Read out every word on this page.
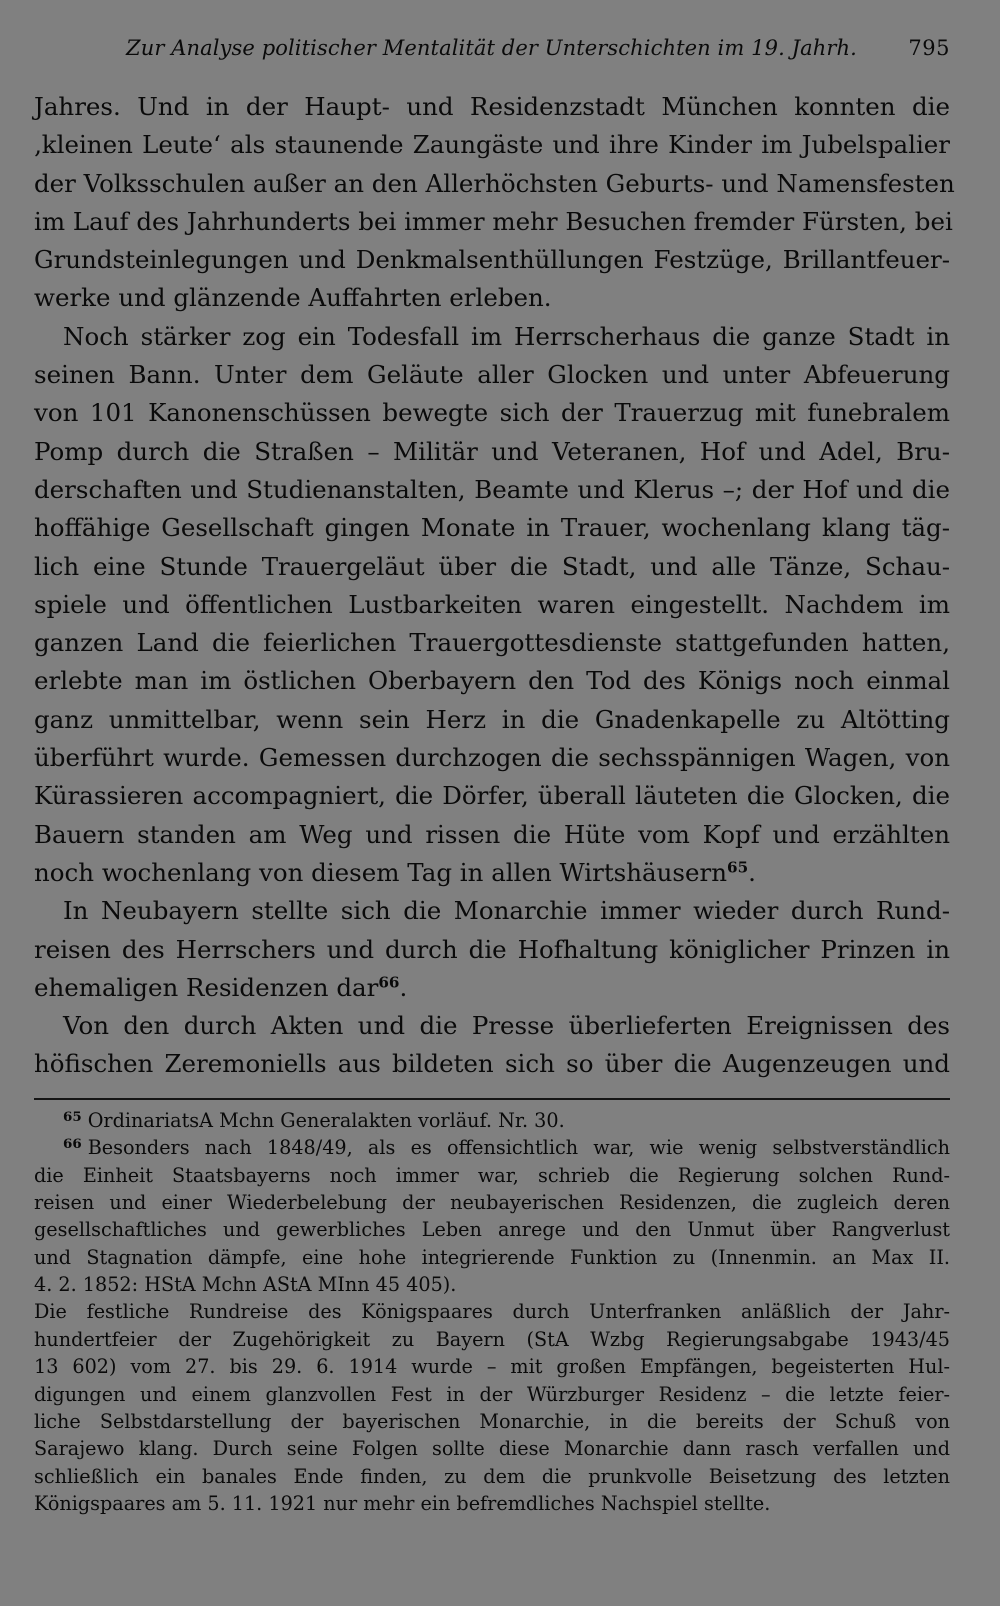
Zur Analyse politischer Mentalität der Unterschichten im 19. Jahrh. 795
Jahres. Und in der Haupt- und Residenzstadt München konnten die
‚kleinen Leute‘ als staunende Zaungäste und ihre Kinder im Jubelspalier
der Volksschulen außer an den Allerhöchsten Geburts- und Namensfesten
im Lauf des Jahrhunderts bei immer mehr Besuchen fremder Fürsten, bei
Grundsteinlegungen und Denkmalsenthüllungen Festzüge, Brillantfeuer-
werke und glänzende Auffahrten erleben.
Noch stärker zog ein Todesfall im Herrscherhaus die ganze Stadt in
seinen Bann. Unter dem Geläute aller Glocken und unter Abfeuerung
von 101 Kanonenschüssen bewegte sich der Trauerzug mit funebralem
Pomp durch die Straßen – Militär und Veteranen, Hof und Adel, Bru-
derschaften und Studienanstalten, Beamte und Klerus –; der Hof und die
hoffähige Gesellschaft gingen Monate in Trauer, wochenlang klang täg-
lich eine Stunde Trauergeläut über die Stadt, und alle Tänze, Schau-
spiele und öffentlichen Lustbarkeiten waren eingestellt. Nachdem im
ganzen Land die feierlichen Trauergottesdienste stattgefunden hatten,
erlebte man im östlichen Oberbayern den Tod des Königs noch einmal
ganz unmittelbar, wenn sein Herz in die Gnadenkapelle zu Altötting
überführt wurde. Gemessen durchzogen die sechsspännigen Wagen, von
Kürassieren accompagniert, die Dörfer, überall läuteten die Glocken, die
Bauern standen am Weg und rissen die Hüte vom Kopf und erzählten
noch wochenlang von diesem Tag in allen Wirtshäusern$^{65}$.
In Neubayern stellte sich die Monarchie immer wieder durch Rund-
reisen des Herrschers und durch die Hofhaltung königlicher Prinzen in
ehemaligen Residenzen dar$^{66}$.
Von den durch Akten und die Presse überlieferten Ereignissen des
höfischen Zeremoniells aus bildeten sich so über die Augenzeugen und
$^{65}$ OrdinariatsA Mchn Generalakten vorläuf. Nr. 30.
$^{66}$ Besonders nach 1848/49, als es offensichtlich war, wie wenig selbstverständlich
die Einheit Staatsbayerns noch immer war, schrieb die Regierung solchen Rund-
reisen und einer Wiederbelebung der neubayerischen Residenzen, die zugleich deren
gesellschaftliches und gewerbliches Leben anrege und den Unmut über Rangverlust
und Stagnation dämpfe, eine hohe integrierende Funktion zu (Innenmin. an Max II.
4. 2. 1852: HStA Mchn AStA MInn 45 405).
Die festliche Rundreise des Königspaares durch Unterfranken anläßlich der Jahr-
hundertfeier der Zugehörigkeit zu Bayern (StA Wzbg Regierungsabgabe 1943/45
13 602) vom 27. bis 29. 6. 1914 wurde – mit großen Empfängen, begeisterten Hul-
digungen und einem glanzvollen Fest in der Würzburger Residenz – die letzte feier-
liche Selbstdarstellung der bayerischen Monarchie, in die bereits der Schuß von
Sarajewo klang. Durch seine Folgen sollte diese Monarchie dann rasch verfallen und
schließlich ein banales Ende finden, zu dem die prunkvolle Beisetzung des letzten
Königspaares am 5. 11. 1921 nur mehr ein befremdliches Nachspiel stellte.
